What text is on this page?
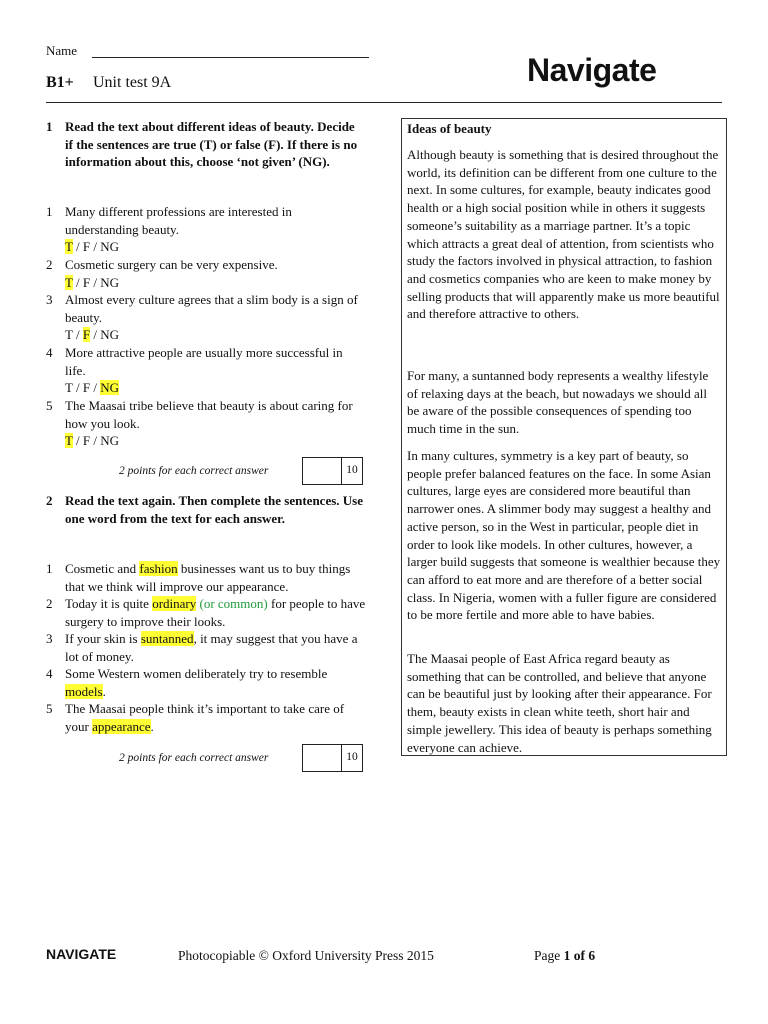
Name
B1+ Unit test 9A	Navigate
1 Read the text about different ideas of beauty. Decide if the sentences are true (T) or false (F). If there is no information about this, choose ‘not given’ (NG).
1 Many different professions are interested in understanding beauty.
T / F / NG
2 Cosmetic surgery can be very expensive.
T / F / NG
3 Almost every culture agrees that a slim body is a sign of beauty.
T / F / NG
4 More attractive people are usually more successful in life.
T / F / NG
5 The Maasai tribe believe that beauty is about caring for how you look.
T / F / NG
2 points for each correct answer	10
2 Read the text again. Then complete the sentences. Use one word from the text for each answer.
1 Cosmetic and fashion businesses want us to buy things that we think will improve our appearance.
2 Today it is quite ordinary (or common) for people to have surgery to improve their looks.
3 If your skin is suntanned, it may suggest that you have a lot of money.
4 Some Western women deliberately try to resemble models.
5 The Maasai people think it’s important to take care of your appearance.
2 points for each correct answer	10

Ideas of beauty

Although beauty is something that is desired throughout the world, its definition can be different from one culture to the next. In some cultures, for example, beauty indicates good health or a high social position while in others it suggests someone’s suitability as a marriage partner. It’s a topic which attracts a great deal of attention, from scientists who study the factors involved in physical attraction, to fashion and cosmetics companies who are keen to make money by selling products that will apparently make us more beautiful and therefore attractive to others.

For many, a suntanned body represents a wealthy lifestyle of relaxing days at the beach, but nowadays we should all be aware of the possible consequences of spending too much time in the sun.

In many cultures, symmetry is a key part of beauty, so people prefer balanced features on the face. In some Asian cultures, large eyes are considered more beautiful than narrower ones. A slimmer body may suggest a healthy and active person, so in the West in particular, people diet in order to look like models. In other cultures, however, a larger build suggests that someone is wealthier because they can afford to eat more and are therefore of a better social class. In Nigeria, women with a fuller figure are considered to be more fertile and more able to have babies.

The Maasai people of East Africa regard beauty as something that can be controlled, and believe that anyone can be beautiful just by looking after their appearance. For them, beauty exists in clean white teeth, short hair and simple jewellery. This idea of beauty is perhaps something everyone can achieve.

NAVIGATE	Photocopiable © Oxford University Press 2015	Page 1 of 6
